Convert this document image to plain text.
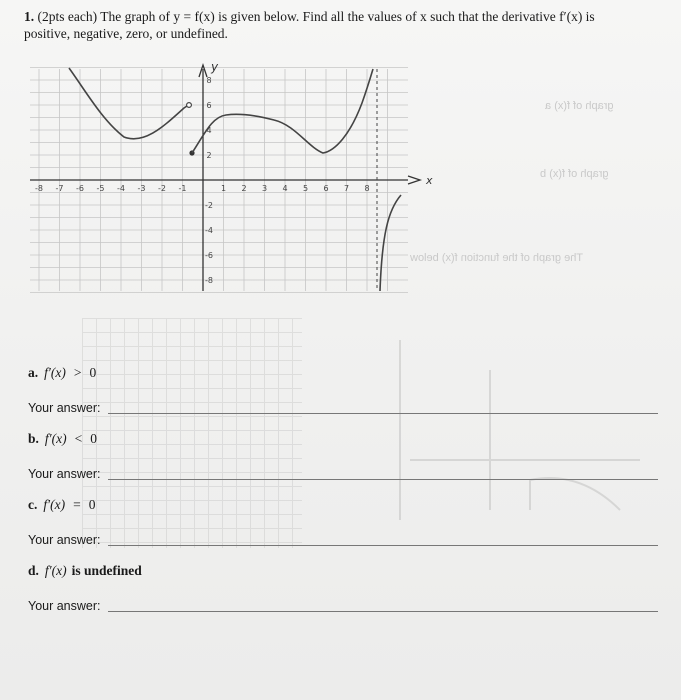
1. (2pts each) The graph of y = f(x) is given below. Find all the values of x such that the derivative f′(x) is
positive, negative, zero, or undefined.
graph of f(x) a
graph of f(x) b
The graph of the function f(x) below
x
y
-8 -7 -6 -5 -4 -3 -2 -1	1 2 3 4 5 6 7 8
8
6
4
2
-2
-4
-6
-8
a. f′(x) > 0
Your answer:
b. f′(x) < 0
Your answer:
c. f′(x) = 0
Your answer:
d. f′(x) is undefined
Your answer:
